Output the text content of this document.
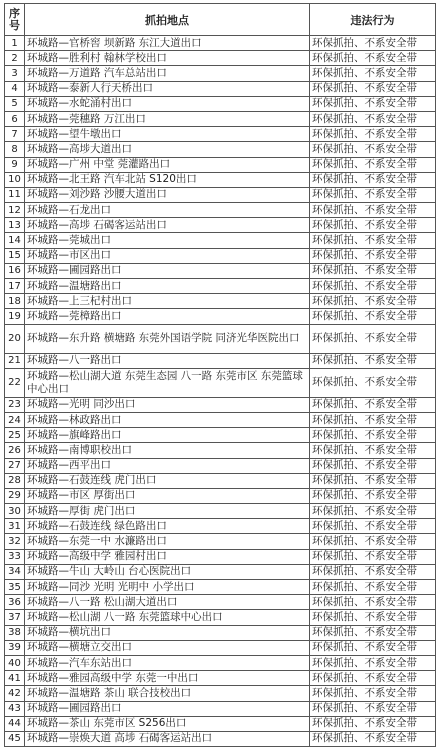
序号	抓拍地点	违法行为
1	环城路—官桥窖 坝新路 东江大道出口	环保抓拍、不系安全带
2	环城路—胜利村 翰林学校出口	环保抓拍、不系安全带
3	环城路—万道路 汽车总站出口	环保抓拍、不系安全带
4	环城路—泰新人行天桥出口	环保抓拍、不系安全带
5	环城路—水蛇涌村出口	环保抓拍、不系安全带
6	环城路—莞穗路 万江出口	环保抓拍、不系安全带
7	环城路—望牛墩出口	环保抓拍、不系安全带
8	环城路—高埗大道出口	环保抓拍、不系安全带
9	环城路—广州 中堂 莞灌路出口	环保抓拍、不系安全带
10	环城路—北王路 汽车北站 S120出口	环保抓拍、不系安全带
11	环城路—刘沙路 沙腰大道出口	环保抓拍、不系安全带
12	环城路—石龙出口	环保抓拍、不系安全带
13	环城路—高埗 石碣客运站出口	环保抓拍、不系安全带
14	环城路—莞城出口	环保抓拍、不系安全带
15	环城路—市区出口	环保抓拍、不系安全带
16	环城路—圃园路出口	环保抓拍、不系安全带
17	环城路—温塘路出口	环保抓拍、不系安全带
18	环城路—上三杞村出口	环保抓拍、不系安全带
19	环城路—莞樟路出口	环保抓拍、不系安全带
20	环城路—东升路 横塘路 东莞外国语学院 同济光华医院出口	环保抓拍、不系安全带
21	环城路—八一路出口	环保抓拍、不系安全带
22	环城路—松山湖大道 东莞生态园 八一路 东莞市区 东莞篮球中心出口	环保抓拍、不系安全带
23	环城路—光明 同沙出口	环保抓拍、不系安全带
24	环城路—林政路出口	环保抓拍、不系安全带
25	环城路—旗峰路出口	环保抓拍、不系安全带
26	环城路—南博职校出口	环保抓拍、不系安全带
27	环城路—西平出口	环保抓拍、不系安全带
28	环城路—石鼓连线 虎门出口	环保抓拍、不系安全带
29	环城路—市区 厚街出口	环保抓拍、不系安全带
30	环城路—厚街 虎门出口	环保抓拍、不系安全带
31	环城路—石鼓连线 绿色路出口	环保抓拍、不系安全带
32	环城路—东莞一中 水濂路出口	环保抓拍、不系安全带
33	环城路—高级中学 雅园村出口	环保抓拍、不系安全带
34	环城路—牛山 大岭山 台心医院出口	环保抓拍、不系安全带
35	环城路—同沙 光明 光明中 小学出口	环保抓拍、不系安全带
36	环城路—八一路 松山湖大道出口	环保抓拍、不系安全带
37	环城路—松山湖 八一路 东莞篮球中心出口	环保抓拍、不系安全带
38	环城路—横坑出口	环保抓拍、不系安全带
39	环城路—横塘立交出口	环保抓拍、不系安全带
40	环城路—汽车东站出口	环保抓拍、不系安全带
41	环城路—雅园高级中学 东莞一中出口	环保抓拍、不系安全带
42	环城路—温塘路 茶山 联合技校出口	环保抓拍、不系安全带
43	环城路—圃园路出口	环保抓拍、不系安全带
44	环城路—茶山 东莞市区 S256出口	环保抓拍、不系安全带
45	环城路—崇焕大道 高埗 石碣客运站出口	环保抓拍、不系安全带
